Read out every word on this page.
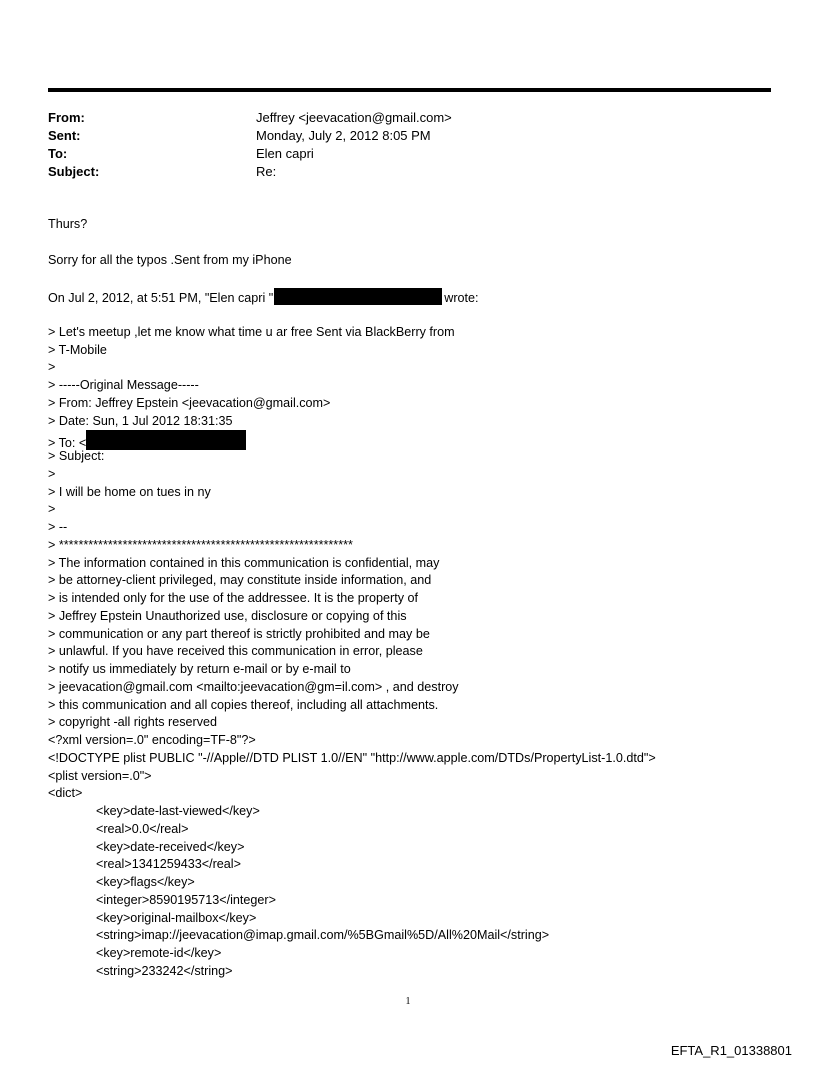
From:	Jeffrey <jeevacation@gmail.com>
Sent:	Monday, July 2, 2012 8:05 PM
To:	Elen capri
Subject:	Re:
Thurs?
Sorry for all the typos .Sent from my iPhone
On Jul 2, 2012, at 5:51 PM, "Elen capri "	wrote:
> Let's meetup ,let me know what time u ar free Sent via BlackBerry from
> T-Mobile
>
> -----Original Message-----
> From: Jeffrey Epstein <jeevacation@gmail.com>
> Date: Sun, 1 Jul 2012 18:31:35
> To: <
> Subject:
>
> I will be home on tues in ny
>
> --
> ************************************************************
> The information contained in this communication is confidential, may
> be attorney-client privileged, may constitute inside information, and
> is intended only for the use of the addressee. It is the property of
> Jeffrey Epstein Unauthorized use, disclosure or copying of this
> communication or any part thereof is strictly prohibited and may be
> unlawful. If you have received this communication in error, please
> notify us immediately by return e-mail or by e-mail to
> jeevacation@gmail.com <mailto:jeevacation@gm=il.com> , and destroy
> this communication and all copies thereof, including all attachments.
> copyright -all rights reserved
<?xml version=.0" encoding=TF-8"?>
<!DOCTYPE plist PUBLIC "-//Apple//DTD PLIST 1.0//EN" "http://www.apple.com/DTDs/PropertyList-1.0.dtd">
<plist version=.0">
<dict>
<key>date-last-viewed</key>
<real>0.0</real>
<key>date-received</key>
<real>1341259433</real>
<key>flags</key>
<integer>8590195713</integer>
<key>original-mailbox</key>
<string>imap://jeevacation@imap.gmail.com/%5BGmail%5D/All%20Mail</string>
<key>remote-id</key>
<string>233242</string>
1
EFTA_R1_01338801
